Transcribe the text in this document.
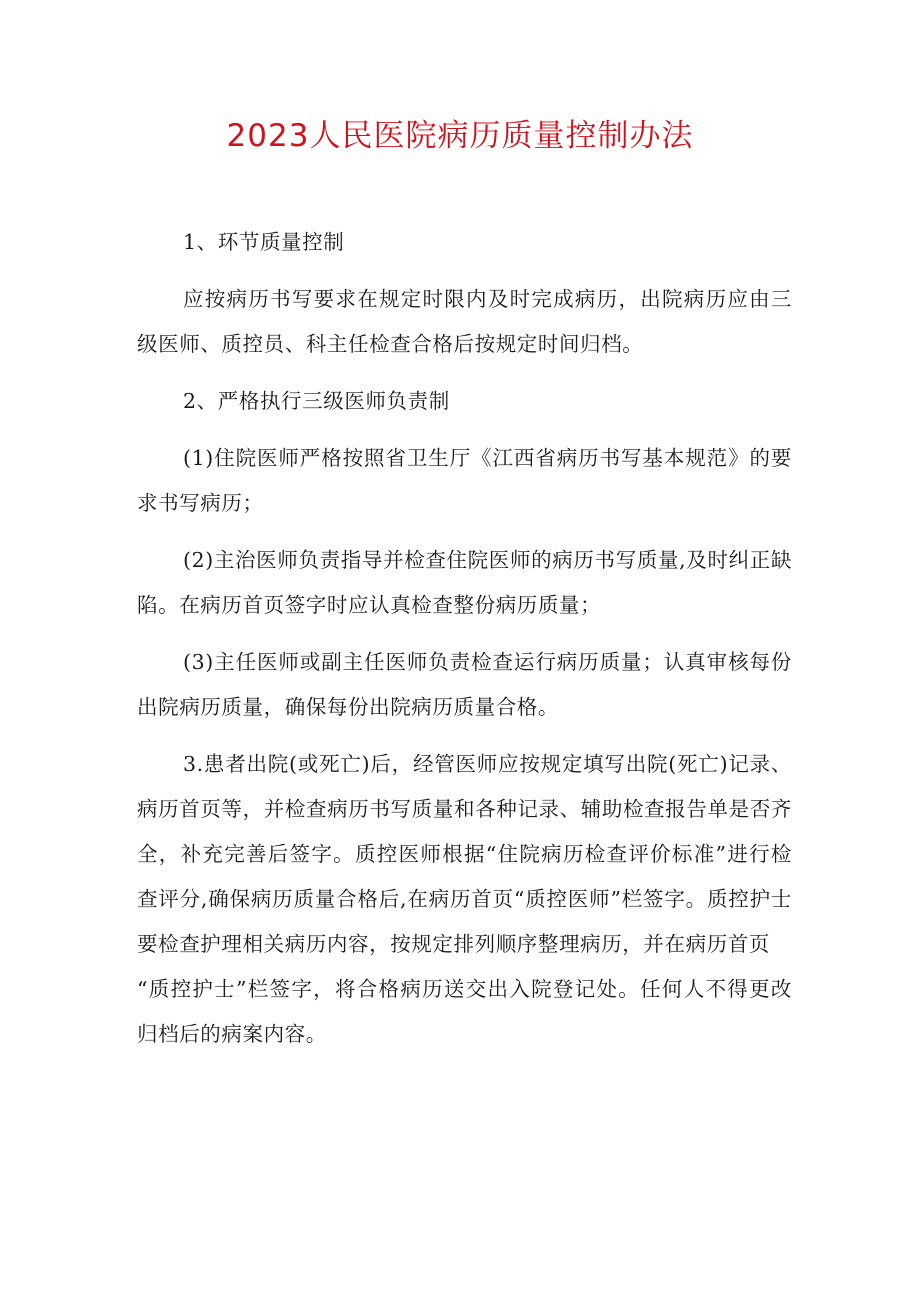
2023人民医院病历质量控制办法

1、环节质量控制

应按病历书写要求在规定时限内及时完成病历，出院病历应由三级医师、质控员、科主任检查合格后按规定时间归档。

2、严格执行三级医师负责制

(1)住院医师严格按照省卫生厅《江西省病历书写基本规范》的要求书写病历；

(2)主治医师负责指导并检查住院医师的病历书写质量,及时纠正缺陷。在病历首页签字时应认真检查整份病历质量；

(3)主任医师或副主任医师负责检查运行病历质量；认真审核每份出院病历质量，确保每份出院病历质量合格。

3.患者出院(或死亡)后，经管医师应按规定填写出院(死亡)记录、病历首页等，并检查病历书写质量和各种记录、辅助检查报告单是否齐全，补充完善后签字。质控医师根据“住院病历检查评价标准”进行检查评分,确保病历质量合格后,在病历首页“质控医师”栏签字。质控护士要检查护理相关病历内容，按规定排列顺序整理病历，并在病历首页

“质控护士”栏签字，将合格病历送交出入院登记处。任何人不得更改归档后的病案内容。
